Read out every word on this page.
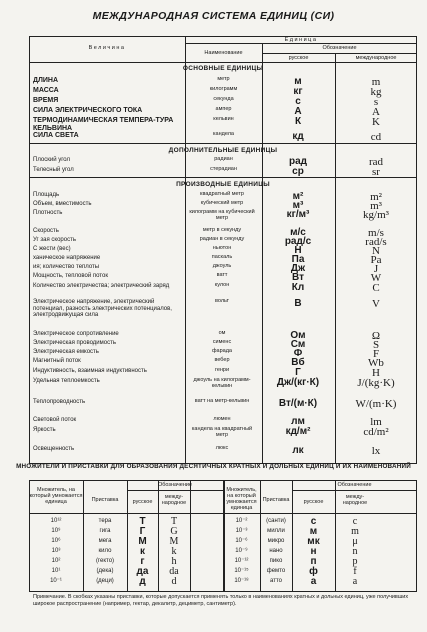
МЕЖДУНАРОДНАЯ СИСТЕМА ЕДИНИЦ (СИ)
Величина
Единица
Наименование
Обозначение
русское	международное
ОСНОВНЫЕ ЕДИНИЦЫ
ДЛИНА	метр	м	m
МАССА	килограмм	кг	kg
ВРЕМЯ	секунда	с	s
СИЛА ЭЛЕКТРИЧЕСКОГО ТОКА	ампер	А	A
ТЕРМОДИНАМИЧЕСКАЯ ТЕМПЕРА-ТУРА КЕЛЬВИНА
кельвин	К	K
СИЛА СВЕТА	кандела	кд	cd
ДОПОЛНИТЕЛЬНЫЕ ЕДИНИЦЫ
Плоский угол	радиан	рад	rad
Телесный угол	стерадиан	ср	sr
ПРОИЗВОДНЫЕ ЕДИНИЦЫ
Площадь	квадратный метр	м²	m²
Объем, вместимость	кубический метр	м³	m³
Плотность	килограмм на кубический метр	кг/м³	kg/m³
Скорость	метр в секунду	м/с	m/s
Уг зая скорость	радиан в секунду	рад/с	rad/s
С жести (вес)	ньютон	Н	N
ханическое напряжение	паскаль	Па	Pa
ия; количество теплоты	джоуль	Дж	J
Мощность, тепловой поток	ватт	Вт	W
Количество электричества; электрический заряд	кулон	Кл	C
Электрическое напряжение, электрический потенциал, разность электрических потенциалов, электродвижущая сила
вольт	В	V
Электрическое сопротивление	ом	Ом	Ω
Электрическая проводимость	сименс	См	S
Электрическая емкость	фарада	Ф	F
Магнитный поток	вебер	Вб	Wb
Индуктивность, взаимная индуктивность	генри	Г	H
Удельная теплоемкость	джоуль на килограмм-кельвин	Дж/(кг·К)	J/(kg·K)
Теплопроводность	ватт на метр-кельвин	Вт/(м·К)	W/(m·K)
Световой поток	люмен	лм	lm
Яркость	кандела на квадратный метр	кд/м²	cd/m²
Освещенность	люкс	лк	lx
МНОЖИТЕЛИ И ПРИСТАВКИ ДЛЯ ОБРАЗОВАНИЯ ДЕСЯТИЧНЫХ КРАТНЫХ И ДОЛЬНЫХ ЕДИНИЦ И ИХ НАИМЕНОВАНИЙ
Множитель, на который умножается единица
Множитель, на который умножается единица
Приставка	Приставка
Обозначение	Обозначение
русское
между-народное	русское
между-народное
10¹²	тера	Т	T
10⁹	гига	Г	G
10⁶	мега	М	M
10³	кило	к	k
10²	(гекто)	г	h
10¹	(дека)	да	da
10⁻¹	(деци)	д	d
10⁻²	(санти)	с	c
10⁻³	милли	м	m
10⁻⁶	микро	мк	μ
10⁻⁹	нано	н	n
10⁻¹²	пико	п	p
10⁻¹⁵	фемто	ф	f
10⁻¹⁸	атто	а	a
Примечание. В скобках указаны приставки, которые допускается применять только в наименованиях кратных и дольных единиц, уже получивших широкое распространение (например, гектар, декалитр, дециметр, сантиметр).
